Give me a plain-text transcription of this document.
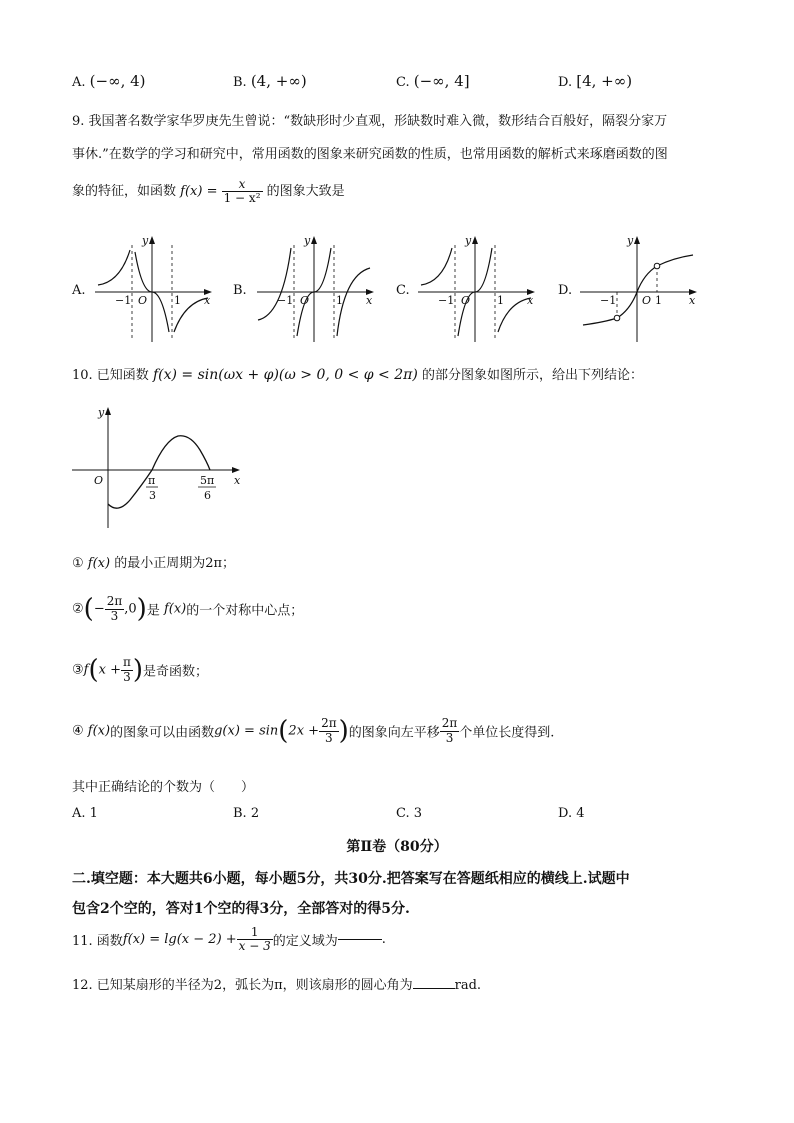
A. (−∞, 4)	B. (4, +∞)	C. (−∞, 4]	D. [4, +∞)
9. 我国著名数学家华罗庚先生曾说：“数缺形时少直观，形缺数时难入微，数形结合百般好，隔裂分家万
事休.”在数学的学习和研究中，常用函数的图象来研究函数的性质，也常用函数的解析式来琢磨函数的图
象的特征，如函数 $f(x) = \frac{x}{\text{1 − x²}}$ 的图象大致是
A.
y
x
O
−1	1
B.
y
x
O
−1	1
C.
y
x
O
−1	1
D.
y
x
O
−1	1
10. 已知函数 f(x) = sin(ωx + φ)(ω > 0, 0 < φ < 2π) 的部分图象如图所示，给出下列结论：
y
x
O	π
3
5π
6
① f(x) 的最小正周期为2π；
②(− $\frac{2\pi}{3} ,0$)是 f(x)的一个对称中心点；
③f(x + $\frac{\pi}{3}$ )是奇函数；
④ f(x)的图象可以由函数$g(x) = \sin(2x + \frac{2\pi}{3}$ )的图象向左平移 $\frac{2\pi}{3}$ 个单位长度得到.
其中正确结论的个数为（　　）
A. 1	B. 2	C. 3	D. 4
第Ⅱ卷（80分）
二.填空题：本大题共6小题，每小题5分，共30分.把答案写在答题纸相应的横线上.试题中
包含2个空的，答对1个空的得3分，全部答对的得5分.
11. 函数$f(x) = \lg(x - 2) + \frac{1}{x - 3}$ 的定义域为	.
12. 已知某扇形的半径为2，弧长为π，则该扇形的圆心角为	rad.
